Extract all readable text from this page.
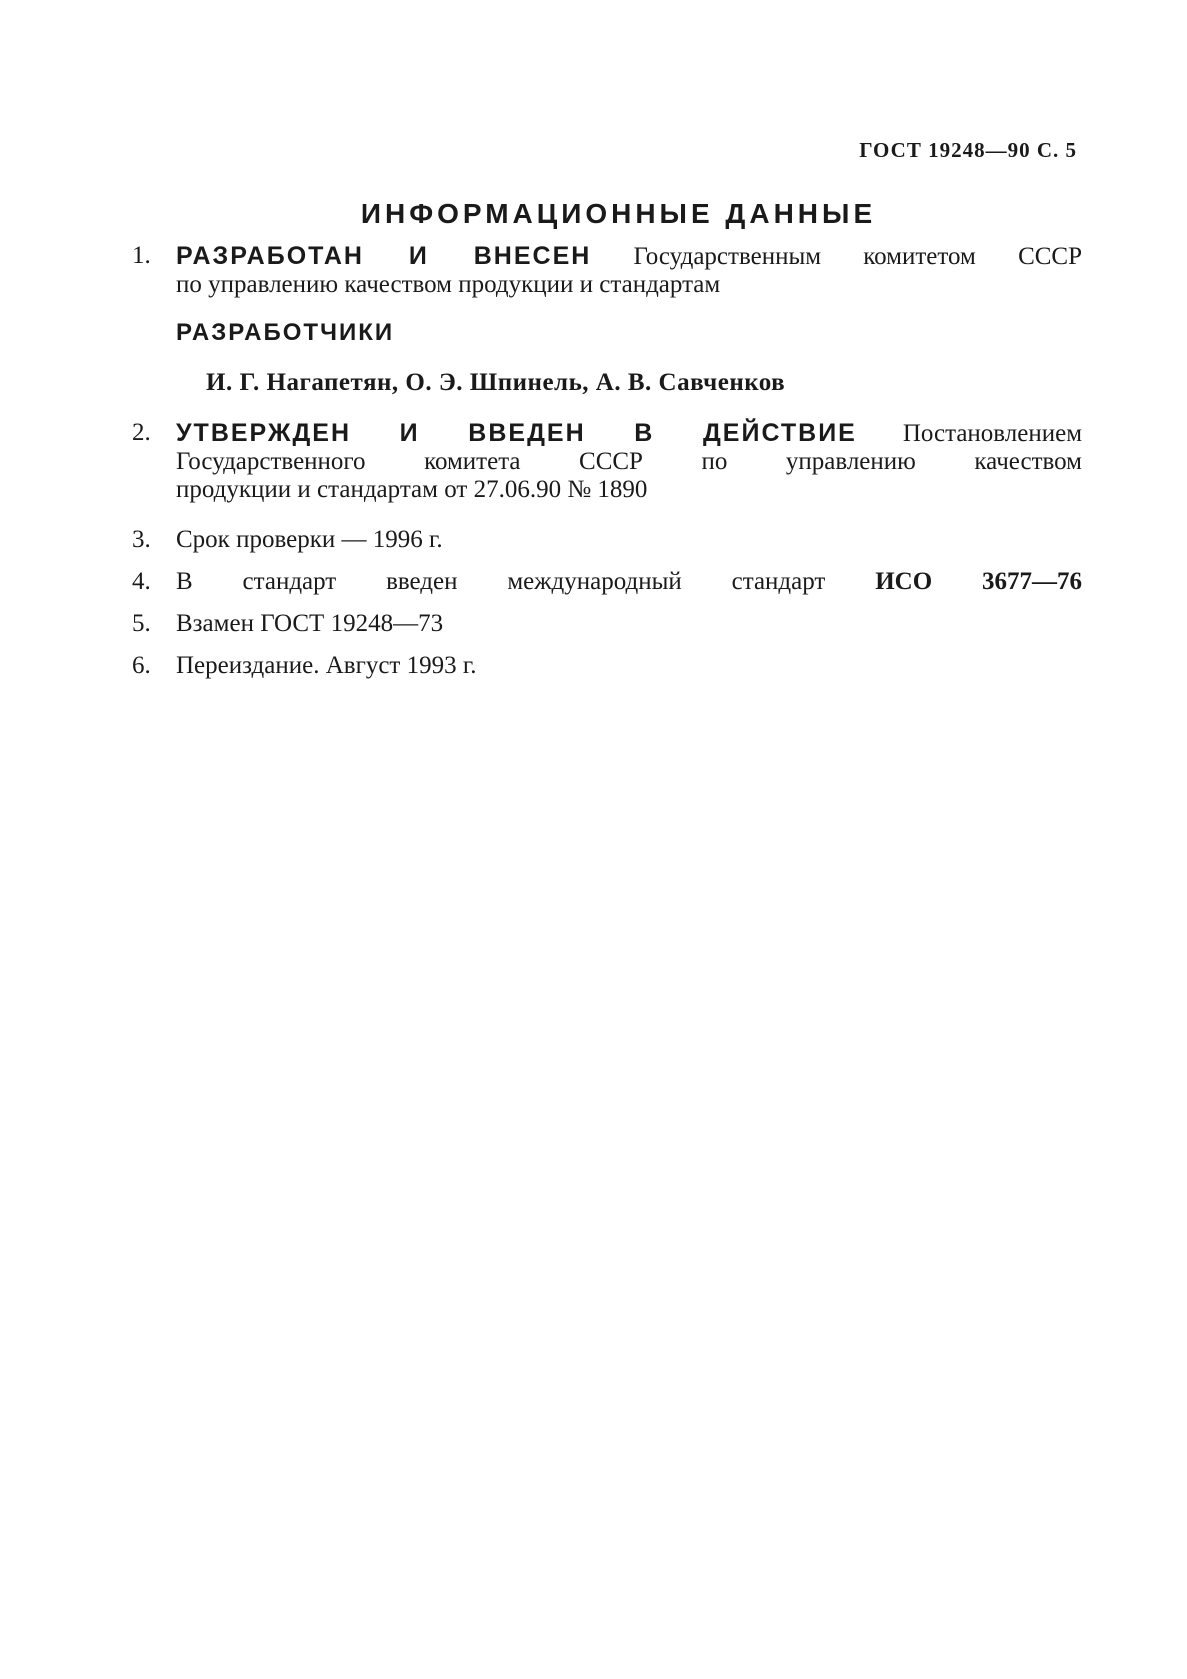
ГОСТ 19248—90 С. 5
ИНФОРМАЦИОННЫЕ ДАННЫЕ
1.	РАЗРАБОТАН И ВНЕСЕН Государственным комитетом СССР
по управлению качеством продукции и стандартам
РАЗРАБОТЧИКИ
И. Г. Нагапетян, О. Э. Шпинель, А. В. Савченков
2.	УТВЕРЖДЕН И ВВЕДЕН В ДЕЙСТВИЕ Постановлением
Государственного комитета СССР по управлению качеством
продукции и стандартам от 27.06.90 № 1890
3.	Срок проверки — 1996 г.
4.	В стандарт введен международный стандарт ИСО 3677—76
5.	Взамен ГОСТ 19248—73
6.	Переиздание. Август 1993 г.
